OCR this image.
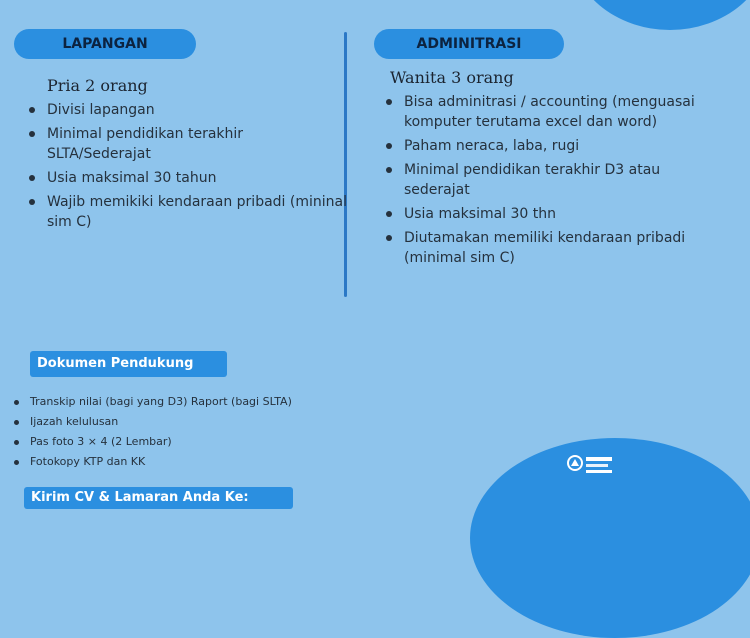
LAPANGAN	ADMINITRASI
Pria 2 orang
Divisi lapangan
Minimal pendidikan terakhir SLTA/Sederajat
Usia maksimal 30 tahun
Wajib memikiki kendaraan pribadi (mininal sim C)
Wanita 3 orang
Bisa adminitrasi / accounting (menguasai komputer terutama excel dan word)
Paham neraca, laba, rugi
Minimal pendidikan terakhir D3 atau sederajat
Usia maksimal 30 thn
Diutamakan memiliki kendaraan pribadi (minimal sim C)
Dokumen Pendukung
Transkip nilai (bagi yang D3) Raport (bagi SLTA)
Ijazah kelulusan
Pas foto 3 × 4 (2 Lembar)
Fotokopy KTP dan KK
Kirim CV & Lamaran Anda Ke:
